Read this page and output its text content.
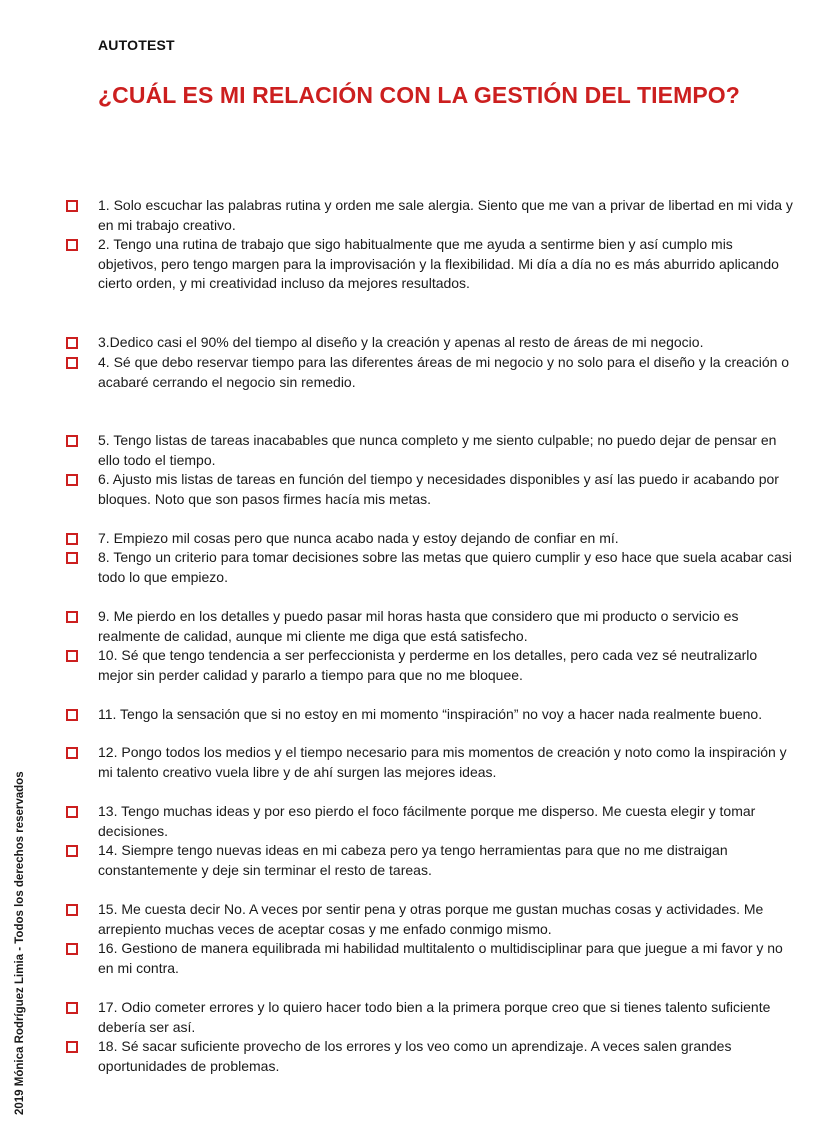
AUTOTEST
¿CUÁL ES MI RELACIÓN CON LA GESTIÓN DEL TIEMPO?
1. Solo escuchar las palabras rutina y orden me sale alergia. Siento que me van a privar de libertad en mi vida y en mi trabajo creativo.
2. Tengo una rutina de trabajo que sigo habitualmente que me ayuda a sentirme bien y así cumplo mis objetivos, pero tengo margen para la improvisación y la flexibilidad. Mi día a día no es más aburrido aplicando cierto orden, y mi creatividad incluso da mejores resultados.
3.Dedico casi el 90% del tiempo al diseño y la creación y apenas al resto de áreas de mi negocio.
4. Sé que debo reservar tiempo para las diferentes áreas de mi negocio y no solo para el diseño y la creación o acabaré cerrando el negocio sin remedio.
5. Tengo listas de tareas inacabables que nunca completo y me siento culpable; no puedo dejar de pensar en ello todo el tiempo.
6. Ajusto mis listas de tareas en función del tiempo y necesidades disponibles y así las puedo ir acabando por bloques. Noto que son pasos firmes hacía mis metas.
7. Empiezo mil cosas pero que nunca acabo nada y estoy dejando de confiar en mí.
8. Tengo un criterio para tomar decisiones sobre las metas que quiero cumplir y eso hace que suela acabar casi todo lo que empiezo.
9. Me pierdo en los detalles y puedo pasar mil horas hasta que considero que mi producto o servicio es realmente de calidad, aunque mi cliente me diga que está satisfecho.
10. Sé que tengo tendencia a ser perfeccionista y perderme en los detalles, pero cada vez sé neutralizarlo mejor sin perder calidad y pararlo a tiempo para que no me bloquee.
11. Tengo la sensación que si no estoy en mi momento “inspiración” no voy a hacer nada realmente bueno.
12. Pongo todos los medios y el tiempo necesario para mis momentos de creación y noto como la inspiración y mi talento creativo vuela libre y de ahí surgen las mejores ideas.
13. Tengo muchas ideas y por eso pierdo el foco fácilmente porque me disperso. Me cuesta elegir y tomar decisiones.
14. Siempre tengo nuevas ideas en mi cabeza pero ya tengo herramientas para que no me distraigan constantemente y deje sin terminar el resto de tareas.
15. Me cuesta decir No. A veces por sentir pena y otras porque me gustan muchas cosas y actividades. Me arrepiento muchas veces de aceptar cosas y me enfado conmigo mismo.
16. Gestiono de manera equilibrada mi habilidad multitalento o multidisciplinar para que juegue a mi favor y no en mi contra.
17. Odio cometer errores y lo quiero hacer todo bien a la primera porque creo que si tienes talento suficiente debería ser así.
18. Sé sacar suficiente provecho de los errores y los veo como un aprendizaje. A veces salen grandes oportunidades de problemas.
2019 Mónica Rodríguez Limia - Todos los derechos reservados
